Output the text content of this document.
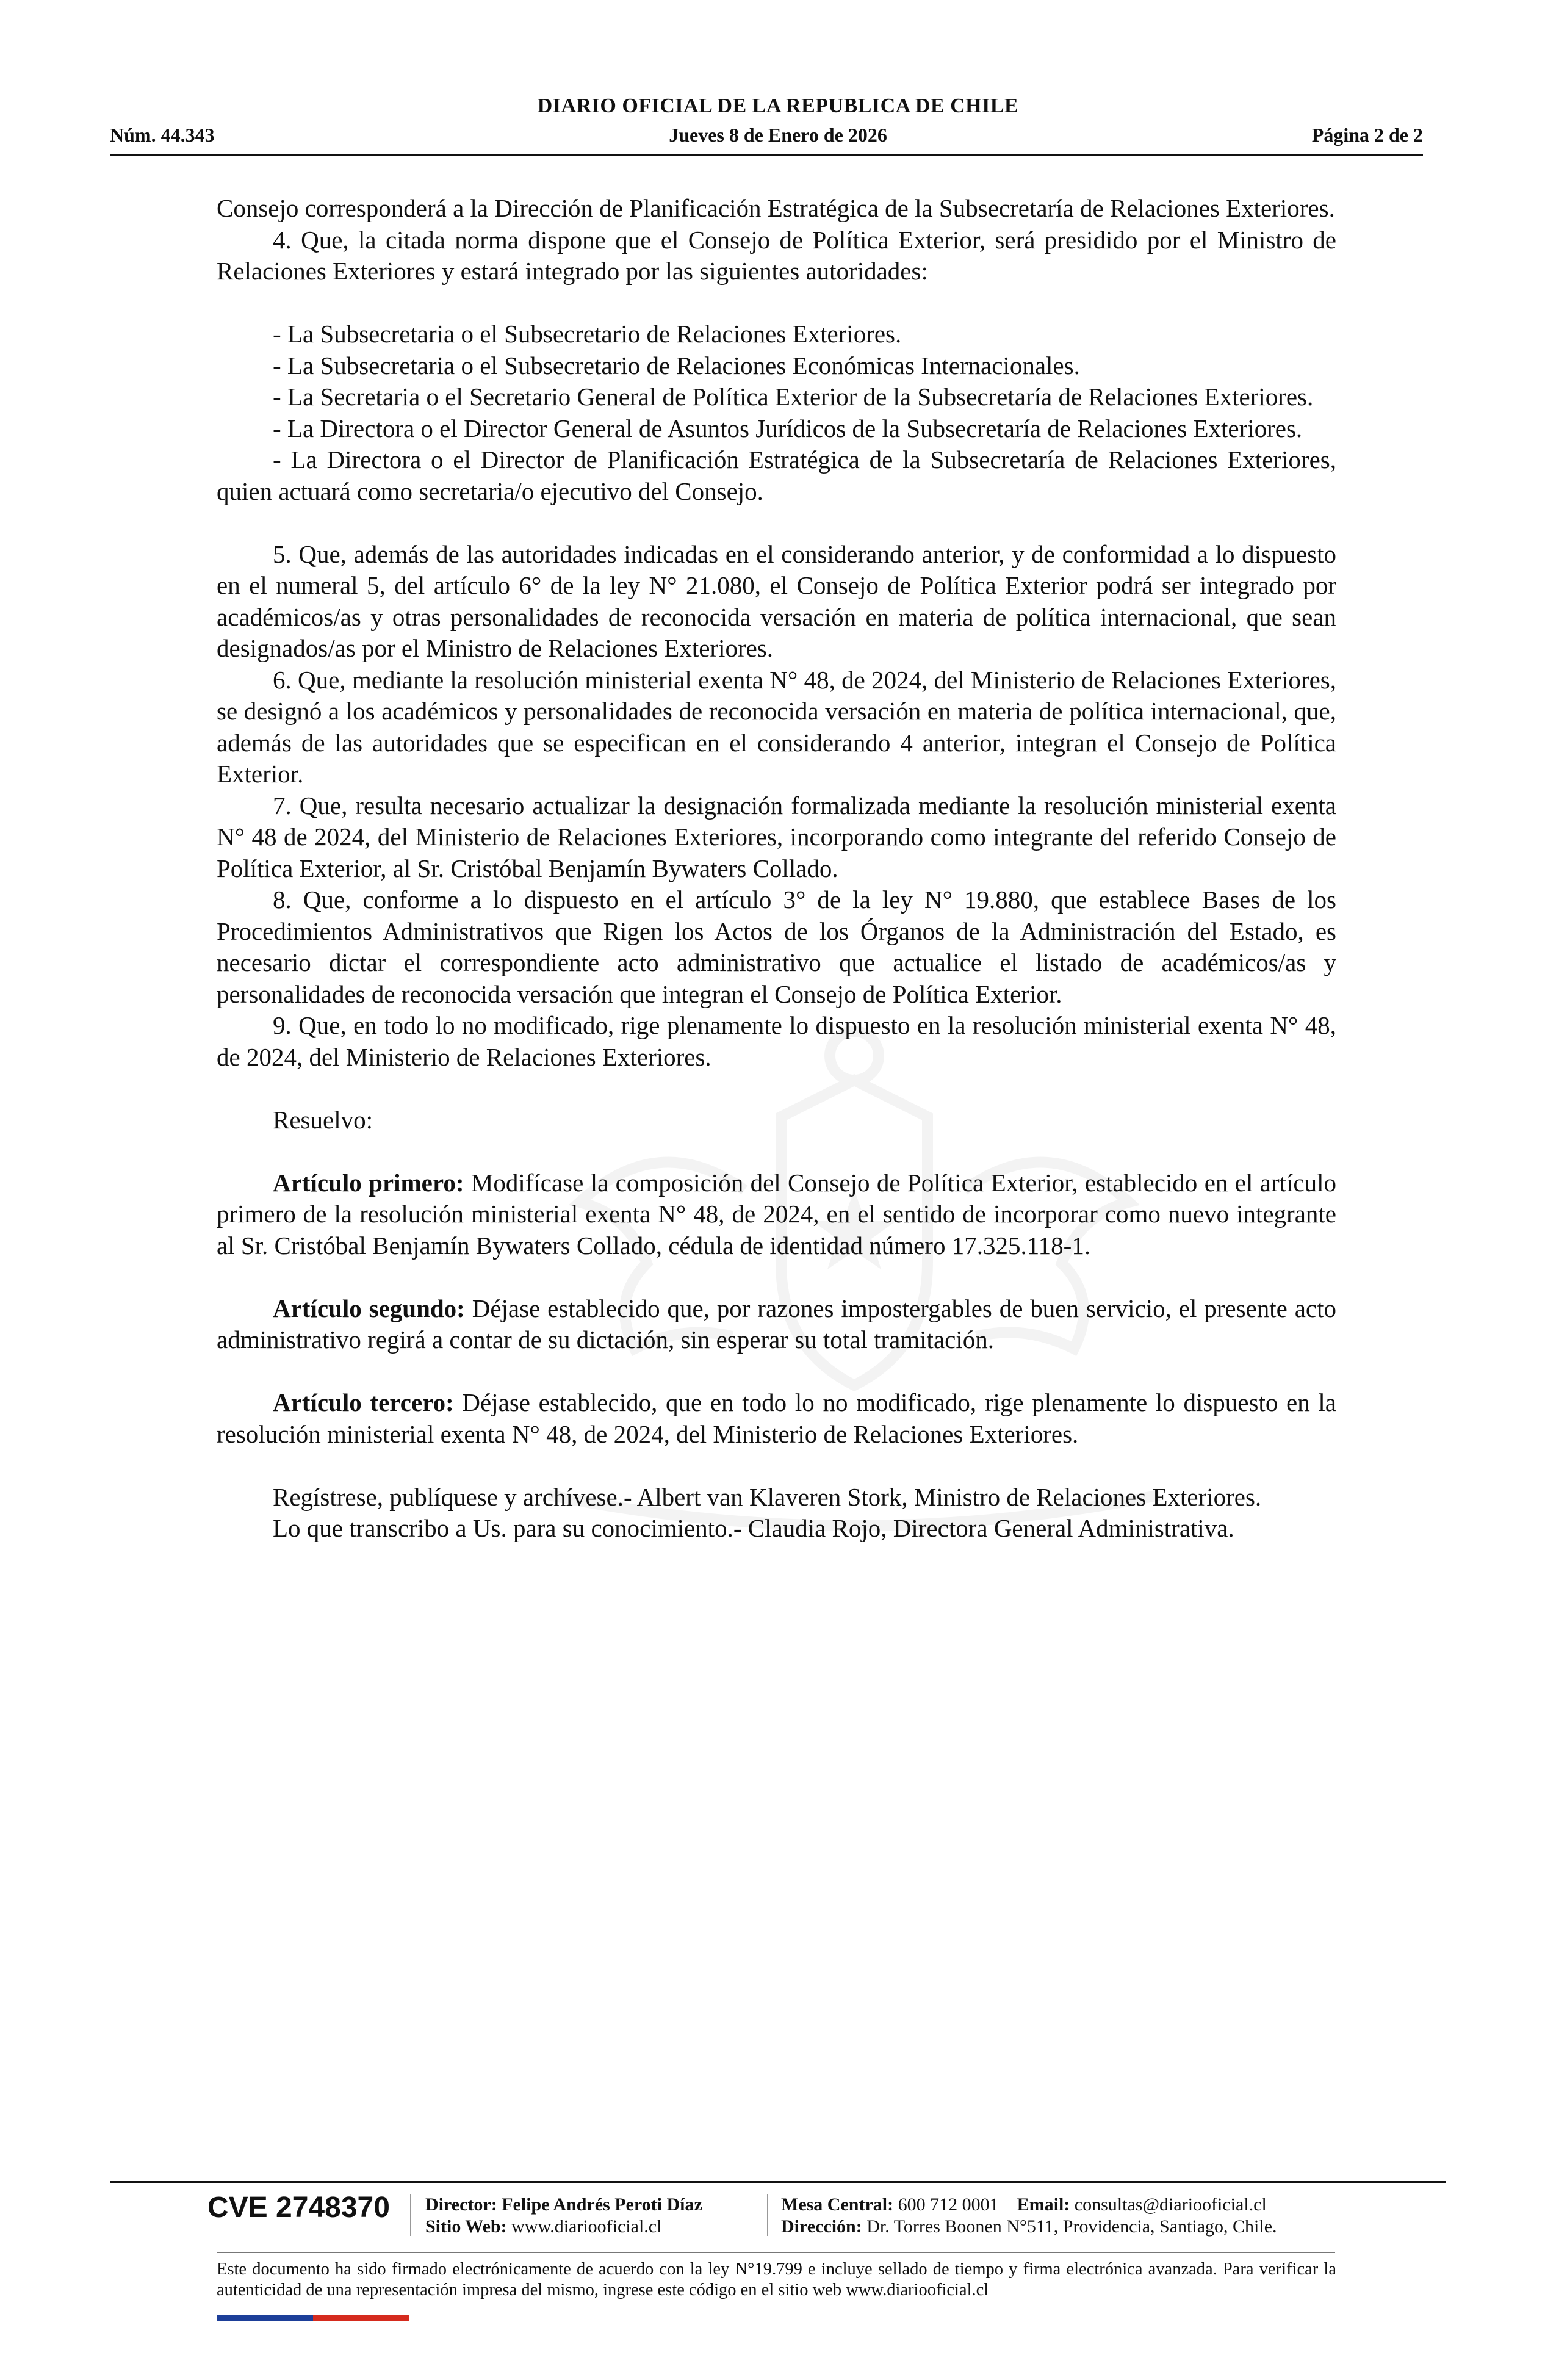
DIARIO OFICIAL DE LA REPUBLICA DE CHILE
Núm. 44.343	Jueves 8 de Enero de 2026	Página 2 de 2

Consejo corresponderá a la Dirección de Planificación Estratégica de la Subsecretaría de Relaciones Exteriores.

4. Que, la citada norma dispone que el Consejo de Política Exterior, será presidido por el Ministro de Relaciones Exteriores y estará integrado por las siguientes autoridades:

- La Subsecretaria o el Subsecretario de Relaciones Exteriores.

- La Subsecretaria o el Subsecretario de Relaciones Económicas Internacionales.

- La Secretaria o el Secretario General de Política Exterior de la Subsecretaría de Relaciones Exteriores.

- La Directora o el Director General de Asuntos Jurídicos de la Subsecretaría de Relaciones Exteriores.

- La Directora o el Director de Planificación Estratégica de la Subsecretaría de Relaciones Exteriores, quien actuará como secretaria/o ejecutivo del Consejo.

5. Que, además de las autoridades indicadas en el considerando anterior, y de conformidad a lo dispuesto en el numeral 5, del artículo 6° de la ley N° 21.080, el Consejo de Política Exterior podrá ser integrado por académicos/as y otras personalidades de reconocida versación en materia de política internacional, que sean designados/as por el Ministro de Relaciones Exteriores.

6. Que, mediante la resolución ministerial exenta N° 48, de 2024, del Ministerio de Relaciones Exteriores, se designó a los académicos y personalidades de reconocida versación en materia de política internacional, que, además de las autoridades que se especifican en el considerando 4 anterior, integran el Consejo de Política Exterior.

7. Que, resulta necesario actualizar la designación formalizada mediante la resolución ministerial exenta N° 48 de 2024, del Ministerio de Relaciones Exteriores, incorporando como integrante del referido Consejo de Política Exterior, al Sr. Cristóbal Benjamín Bywaters Collado.

8. Que, conforme a lo dispuesto en el artículo 3° de la ley N° 19.880, que establece Bases de los Procedimientos Administrativos que Rigen los Actos de los Órganos de la Administración del Estado, es necesario dictar el correspondiente acto administrativo que actualice el listado de académicos/as y personalidades de reconocida versación que integran el Consejo de Política Exterior.

9. Que, en todo lo no modificado, rige plenamente lo dispuesto en la resolución ministerial exenta N° 48, de 2024, del Ministerio de Relaciones Exteriores.

Resuelvo:

Artículo primero: Modifícase la composición del Consejo de Política Exterior, establecido en el artículo primero de la resolución ministerial exenta N° 48, de 2024, en el sentido de incorporar como nuevo integrante al Sr. Cristóbal Benjamín Bywaters Collado, cédula de identidad número 17.325.118-1.

Artículo segundo: Déjase establecido que, por razones impostergables de buen servicio, el presente acto administrativo regirá a contar de su dictación, sin esperar su total tramitación.

Artículo tercero: Déjase establecido, que en todo lo no modificado, rige plenamente lo dispuesto en la resolución ministerial exenta N° 48, de 2024, del Ministerio de Relaciones Exteriores.

Regístrese, publíquese y archívese.- Albert van Klaveren Stork, Ministro de Relaciones Exteriores.

Lo que transcribo a Us. para su conocimiento.- Claudia Rojo, Directora General Administrativa.

CVE 2748370 Director: Felipe Andrés Peroti Díaz
Sitio Web: www.diariooficial.cl
Mesa Central: 600 712 0001 Email: consultas@diariooficial.cl
Dirección: Dr. Torres Boonen N°511, Providencia, Santiago, Chile.
Este documento ha sido firmado electrónicamente de acuerdo con la ley N°19.799 e incluye sellado de tiempo y firma electrónica avanzada. Para verificar la autenticidad de una representación impresa del mismo, ingrese este código en el sitio web www.diariooficial.cl
